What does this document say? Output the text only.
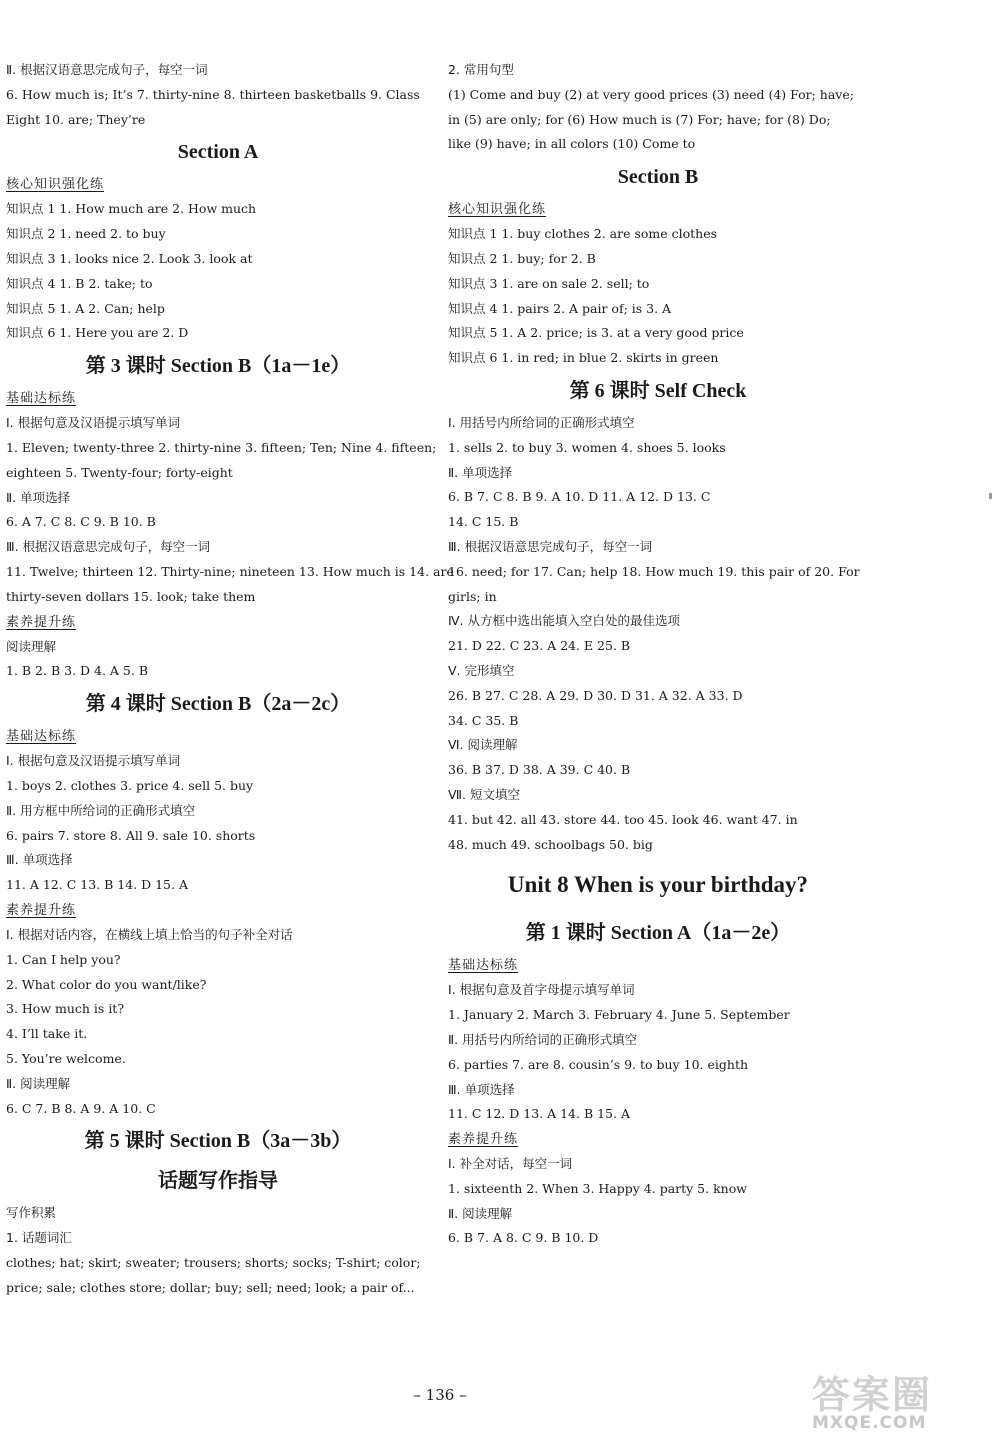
Ⅱ. 根据汉语意思完成句子，每空一词
6. How much is; It’s 7. thirty-nine 8. thirteen basketballs 9. Class
Eight 10. are; They’re
Section A
核心知识强化练
知识点 1 1. How much are 2. How much
知识点 2 1. need 2. to buy
知识点 3 1. looks nice 2. Look 3. look at
知识点 4 1. B 2. take; to
知识点 5 1. A 2. Can; help
知识点 6 1. Here you are 2. D
第 3 课时 Section B（1a－1e）
基础达标练
Ⅰ. 根据句意及汉语提示填写单词
1. Eleven; twenty-three 2. thirty-nine 3. fifteen; Ten; Nine 4. fifteen;
eighteen 5. Twenty-four; forty-eight
Ⅱ. 单项选择
6. A 7. C 8. C 9. B 10. B
Ⅲ. 根据汉语意思完成句子，每空一词
11. Twelve; thirteen 12. Thirty-nine; nineteen 13. How much is 14. are
thirty-seven dollars 15. look; take them
素养提升练
阅读理解
1. B 2. B 3. D 4. A 5. B
第 4 课时 Section B（2a－2c）
基础达标练
Ⅰ. 根据句意及汉语提示填写单词
1. boys 2. clothes 3. price 4. sell 5. buy
Ⅱ. 用方框中所给词的正确形式填空
6. pairs 7. store 8. All 9. sale 10. shorts
Ⅲ. 单项选择
11. A 12. C 13. B 14. D 15. A
素养提升练
Ⅰ. 根据对话内容，在横线上填上恰当的句子补全对话
1. Can I help you?
2. What color do you want/like?
3. How much is it?
4. I’ll take it.
5. You’re welcome.
Ⅱ. 阅读理解
6. C 7. B 8. A 9. A 10. C
第 5 课时 Section B（3a－3b）
话题写作指导
写作积累
1. 话题词汇
clothes; hat; skirt; sweater; trousers; shorts; socks; T-shirt; color;
price; sale; clothes store; dollar; buy; sell; need; look; a pair of...
2. 常用句型
(1) Come and buy (2) at very good prices (3) need (4) For; have;
in (5) are only; for (6) How much is (7) For; have; for (8) Do;
like (9) have; in all colors (10) Come to
Section B
核心知识强化练
知识点 1 1. buy clothes 2. are some clothes
知识点 2 1. buy; for 2. B
知识点 3 1. are on sale 2. sell; to
知识点 4 1. pairs 2. A pair of; is 3. A
知识点 5 1. A 2. price; is 3. at a very good price
知识点 6 1. in red; in blue 2. skirts in green
第 6 课时 Self Check
Ⅰ. 用括号内所给词的正确形式填空
1. sells 2. to buy 3. women 4. shoes 5. looks
Ⅱ. 单项选择
6. B 7. C 8. B 9. A 10. D 11. A 12. D 13. C
14. C 15. B
Ⅲ. 根据汉语意思完成句子，每空一词
16. need; for 17. Can; help 18. How much 19. this pair of 20. For
girls; in
Ⅳ. 从方框中选出能填入空白处的最佳选项
21. D 22. C 23. A 24. E 25. B
Ⅴ. 完形填空
26. B 27. C 28. A 29. D 30. D 31. A 32. A 33. D
34. C 35. B
Ⅵ. 阅读理解
36. B 37. D 38. A 39. C 40. B
Ⅶ. 短文填空
41. but 42. all 43. store 44. too 45. look 46. want 47. in
48. much 49. schoolbags 50. big
Unit 8 When is your birthday?
第 1 课时 Section A（1a－2e）
基础达标练
Ⅰ. 根据句意及首字母提示填写单词
1. January 2. March 3. February 4. June 5. September
Ⅱ. 用括号内所给词的正确形式填空
6. parties 7. are 8. cousin’s 9. to buy 10. eighth
Ⅲ. 单项选择
11. C 12. D 13. A 14. B 15. A
素养提升练
Ⅰ. 补全对话，每空一词
1. sixteenth 2. When 3. Happy 4. party 5. know
Ⅱ. 阅读理解
6. B 7. A 8. C 9. B 10. D
– 136 –	答案圈
MXQE.COM
